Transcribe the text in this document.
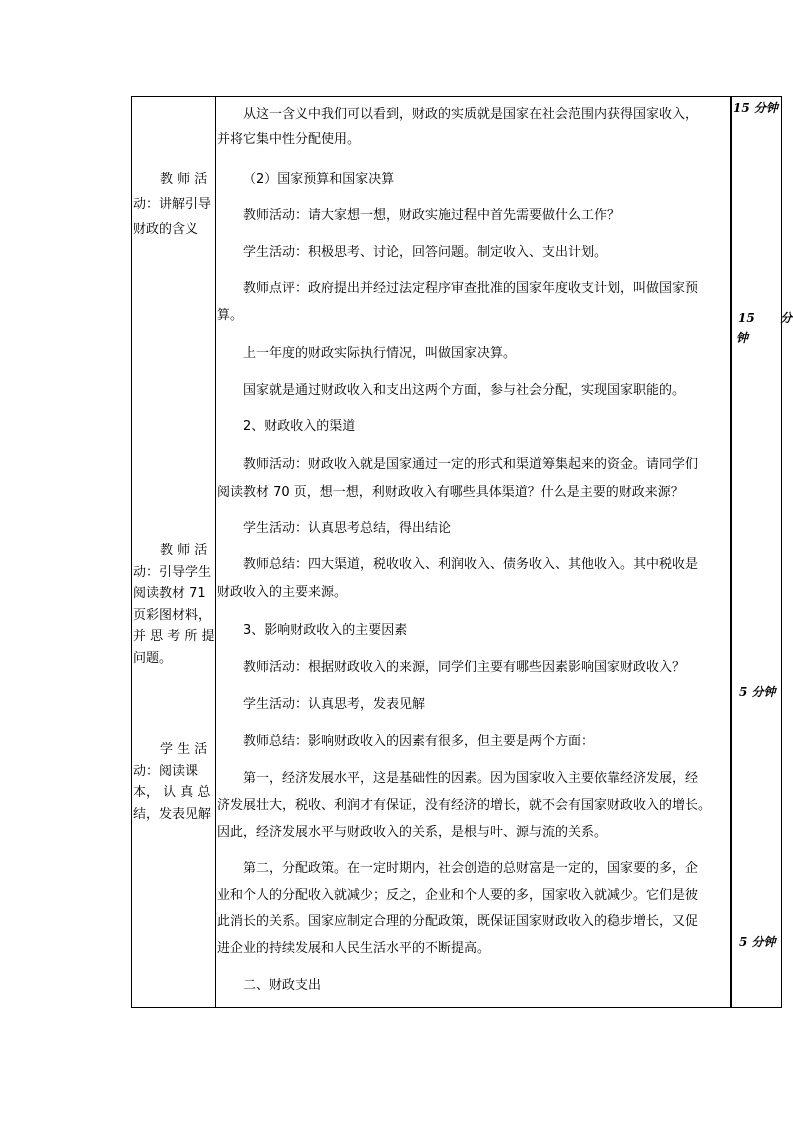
教 师 活
动：讲解引导
财政的含义
教 师 活
动：引导学生
阅读教材 71
页彩图材料，
并 思 考 所 提
问题。
学 生 活
动：阅读课
本， 认 真 总
结，发表见解
从这一含义中我们可以看到，财政的实质就是国家在社会范围内获得国家收入，
并将它集中性分配使用。
（2）国家预算和国家决算
教师活动：请大家想一想，财政实施过程中首先需要做什么工作？
学生活动：积极思考、讨论，回答问题。制定收入、支出计划。
教师点评：政府提出并经过法定程序审查批准的国家年度收支计划，叫做国家预
算。
上一年度的财政实际执行情况，叫做国家决算。
国家就是通过财政收入和支出这两个方面，参与社会分配，实现国家职能的。
2、财政收入的渠道
教师活动：财政收入就是国家通过一定的形式和渠道筹集起来的资金。请同学们
阅读教材 70 页，想一想，利财政收入有哪些具体渠道？什么是主要的财政来源？
学生活动：认真思考总结，得出结论
教师总结：四大渠道，税收收入、利润收入、债务收入、其他收入。其中税收是
财政收入的主要来源。
3、影响财政收入的主要因素
教师活动：根据财政收入的来源，同学们主要有哪些因素影响国家财政收入？
学生活动：认真思考，发表见解
教师总结：影响财政收入的因素有很多，但主要是两个方面：
第一，经济发展水平，这是基础性的因素。因为国家收入主要依靠经济发展，经
济发展壮大，税收、利润才有保证，没有经济的增长，就不会有国家财政收入的增长。
因此，经济发展水平与财政收入的关系，是根与叶、源与流的关系。
第二，分配政策。在一定时期内，社会创造的总财富是一定的，国家要的多，企
业和个人的分配收入就减少；反之，企业和个人要的多，国家收入就减少。它们是彼
此消长的关系。国家应制定合理的分配政策，既保证国家财政收入的稳步增长，又促
进企业的持续发展和人民生活水平的不断提高。
二、财政支出
15 分钟
15 分
钟
5 分钟
5 分钟
